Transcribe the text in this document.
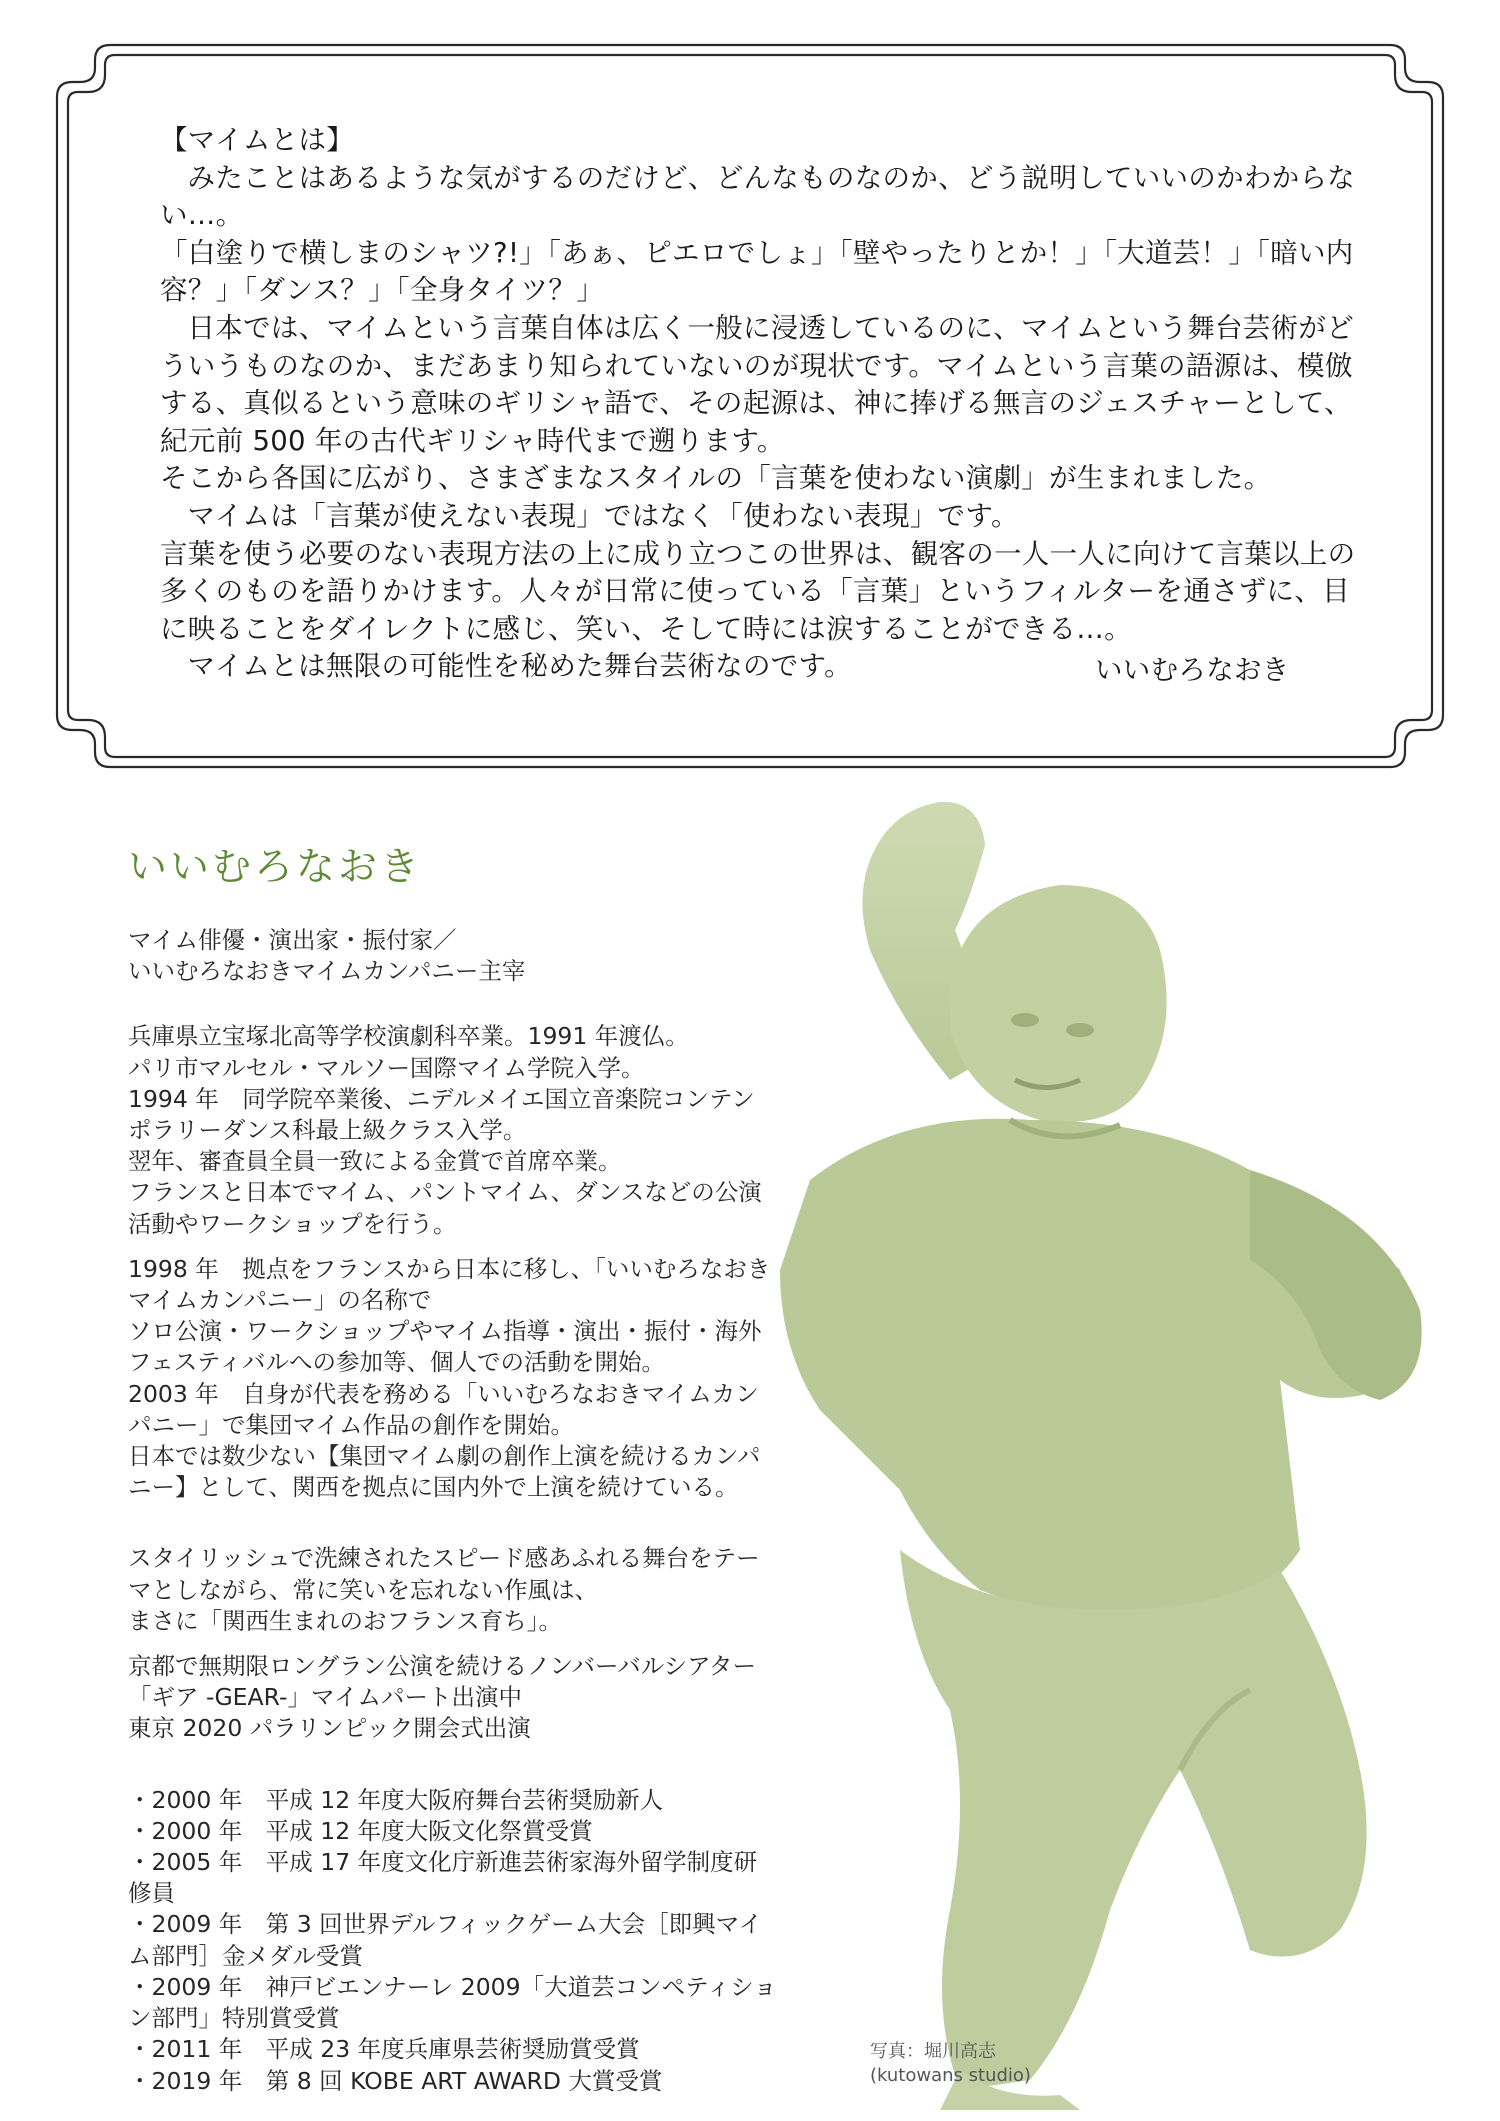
【マイムとは】

みたことはあるような気がするのだけど、どんなものなのか、どう説明していいのかわからない…。

「白塗りで横しまのシャツ?!」「あぁ、ピエロでしょ」「壁やったりとか！」「大道芸！」「暗い内容？」「ダンス？」「全身タイツ？」

日本では、マイムという言葉自体は広く一般に浸透しているのに、マイムという舞台芸術がどういうものなのか、まだあまり知られていないのが現状です。マイムという言葉の語源は、模倣する、真似るという意味のギリシャ語で、その起源は、神に捧げる無言のジェスチャーとして、紀元前 500 年の古代ギリシャ時代まで遡ります。

そこから各国に広がり、さまざまなスタイルの「言葉を使わない演劇」が生まれました。

マイムは「言葉が使えない表現」ではなく「使わない表現」です。

言葉を使う必要のない表現方法の上に成り立つこの世界は、観客の一人一人に向けて言葉以上の多くのものを語りかけます。人々が日常に使っている「言葉」というフィルターを通さずに、目に映ることをダイレクトに感じ、笑い、そして時には涙することができる…。

マイムとは無限の可能性を秘めた舞台芸術なのです。	いいむろなおき

いいむろなおき

マイム俳優・演出家・振付家／
いいむろなおきマイムカンパニー主宰

兵庫県立宝塚北高等学校演劇科卒業。1991 年渡仏。
パリ市マルセル・マルソー国際マイム学院入学。
1994 年　同学院卒業後、ニデルメイエ国立音楽院コンテンポラリーダンス科最上級クラス入学。
翌年、審査員全員一致による金賞で首席卒業。
フランスと日本でマイム、パントマイム、ダンスなどの公演活動やワークショップを行う。

1998 年　拠点をフランスから日本に移し、「いいむろなおきマイムカンパニー」の名称で
ソロ公演・ワークショップやマイム指導・演出・振付・海外フェスティバルへの参加等、個人での活動を開始。
2003 年　自身が代表を務める「いいむろなおきマイムカンパニー」で集団マイム作品の創作を開始。
日本では数少ない【集団マイム劇の創作上演を続けるカンパニー】として、関西を拠点に国内外で上演を続けている。

スタイリッシュで洗練されたスピード感あふれる舞台をテーマとしながら、常に笑いを忘れない作風は、
まさに「関西生まれのおフランス育ち」。

京都で無期限ロングラン公演を続けるノンバーバルシアター「ギア -GEAR-」マイムパート出演中
東京 2020 パラリンピック開会式出演

・2000 年　平成 12 年度大阪府舞台芸術奨励新人
・2000 年　平成 12 年度大阪文化祭賞受賞
・2005 年　平成 17 年度文化庁新進芸術家海外留学制度研修員
・2009 年　第 3 回世界デルフィックゲーム大会［即興マイム部門］金メダル受賞
・2009 年　神戸ビエンナーレ 2009「大道芸コンペティション部門」特別賞受賞
・2011 年　平成 23 年度兵庫県芸術奨励賞受賞
・2019 年　第 8 回 KOBE ART AWARD 大賞受賞
写真：堀川高志
(kutowans studio)
